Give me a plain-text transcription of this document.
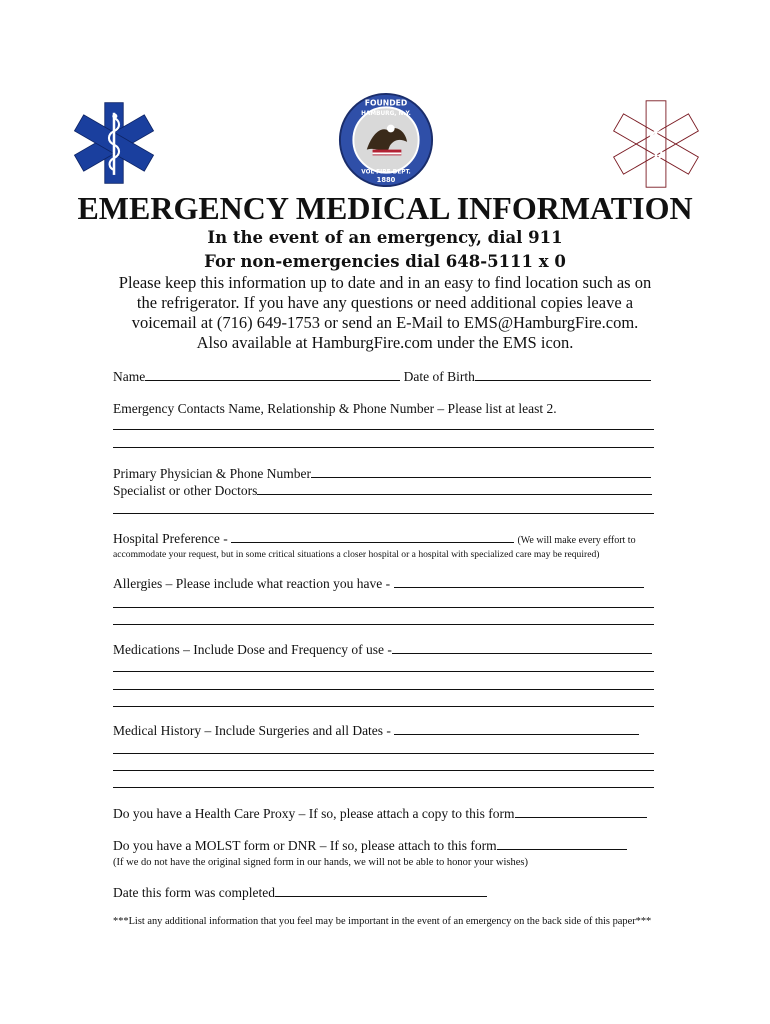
FOUNDED
HAMBURG, N.Y.
VOL FIRE DEPT.
1880
EMERGENCY MEDICAL INFORMATION
In the event of an emergency, dial 911
For non-emergencies dial 648-5111 x 0
Please keep this information up to date and in an easy to find location such as on
the refrigerator. If you have any questions or need additional copies leave a
voicemail at (716) 649-1753 or send an E-Mail to EMS@HamburgFire.com.
Also available at HamburgFire.com under the EMS icon.
Name	Date of Birth
Emergency Contacts Name, Relationship & Phone Number – Please list at least 2.
Primary Physician & Phone Number
Specialist or other Doctors
Hospital Preference -	(We will make every effort to
accommodate your request, but in some critical situations a closer hospital or a hospital with specialized care may be required)
Allergies – Please include what reaction you have -
Medications – Include Dose and Frequency of use -
Medical History – Include Surgeries and all Dates -
Do you have a Health Care Proxy – If so, please attach a copy to this form
Do you have a MOLST form or DNR – If so, please attach to this form
(If we do not have the original signed form in our hands, we will not be able to honor your wishes)
Date this form was completed
***List any additional information that you feel may be important in the event of an emergency on the back side of this paper***
